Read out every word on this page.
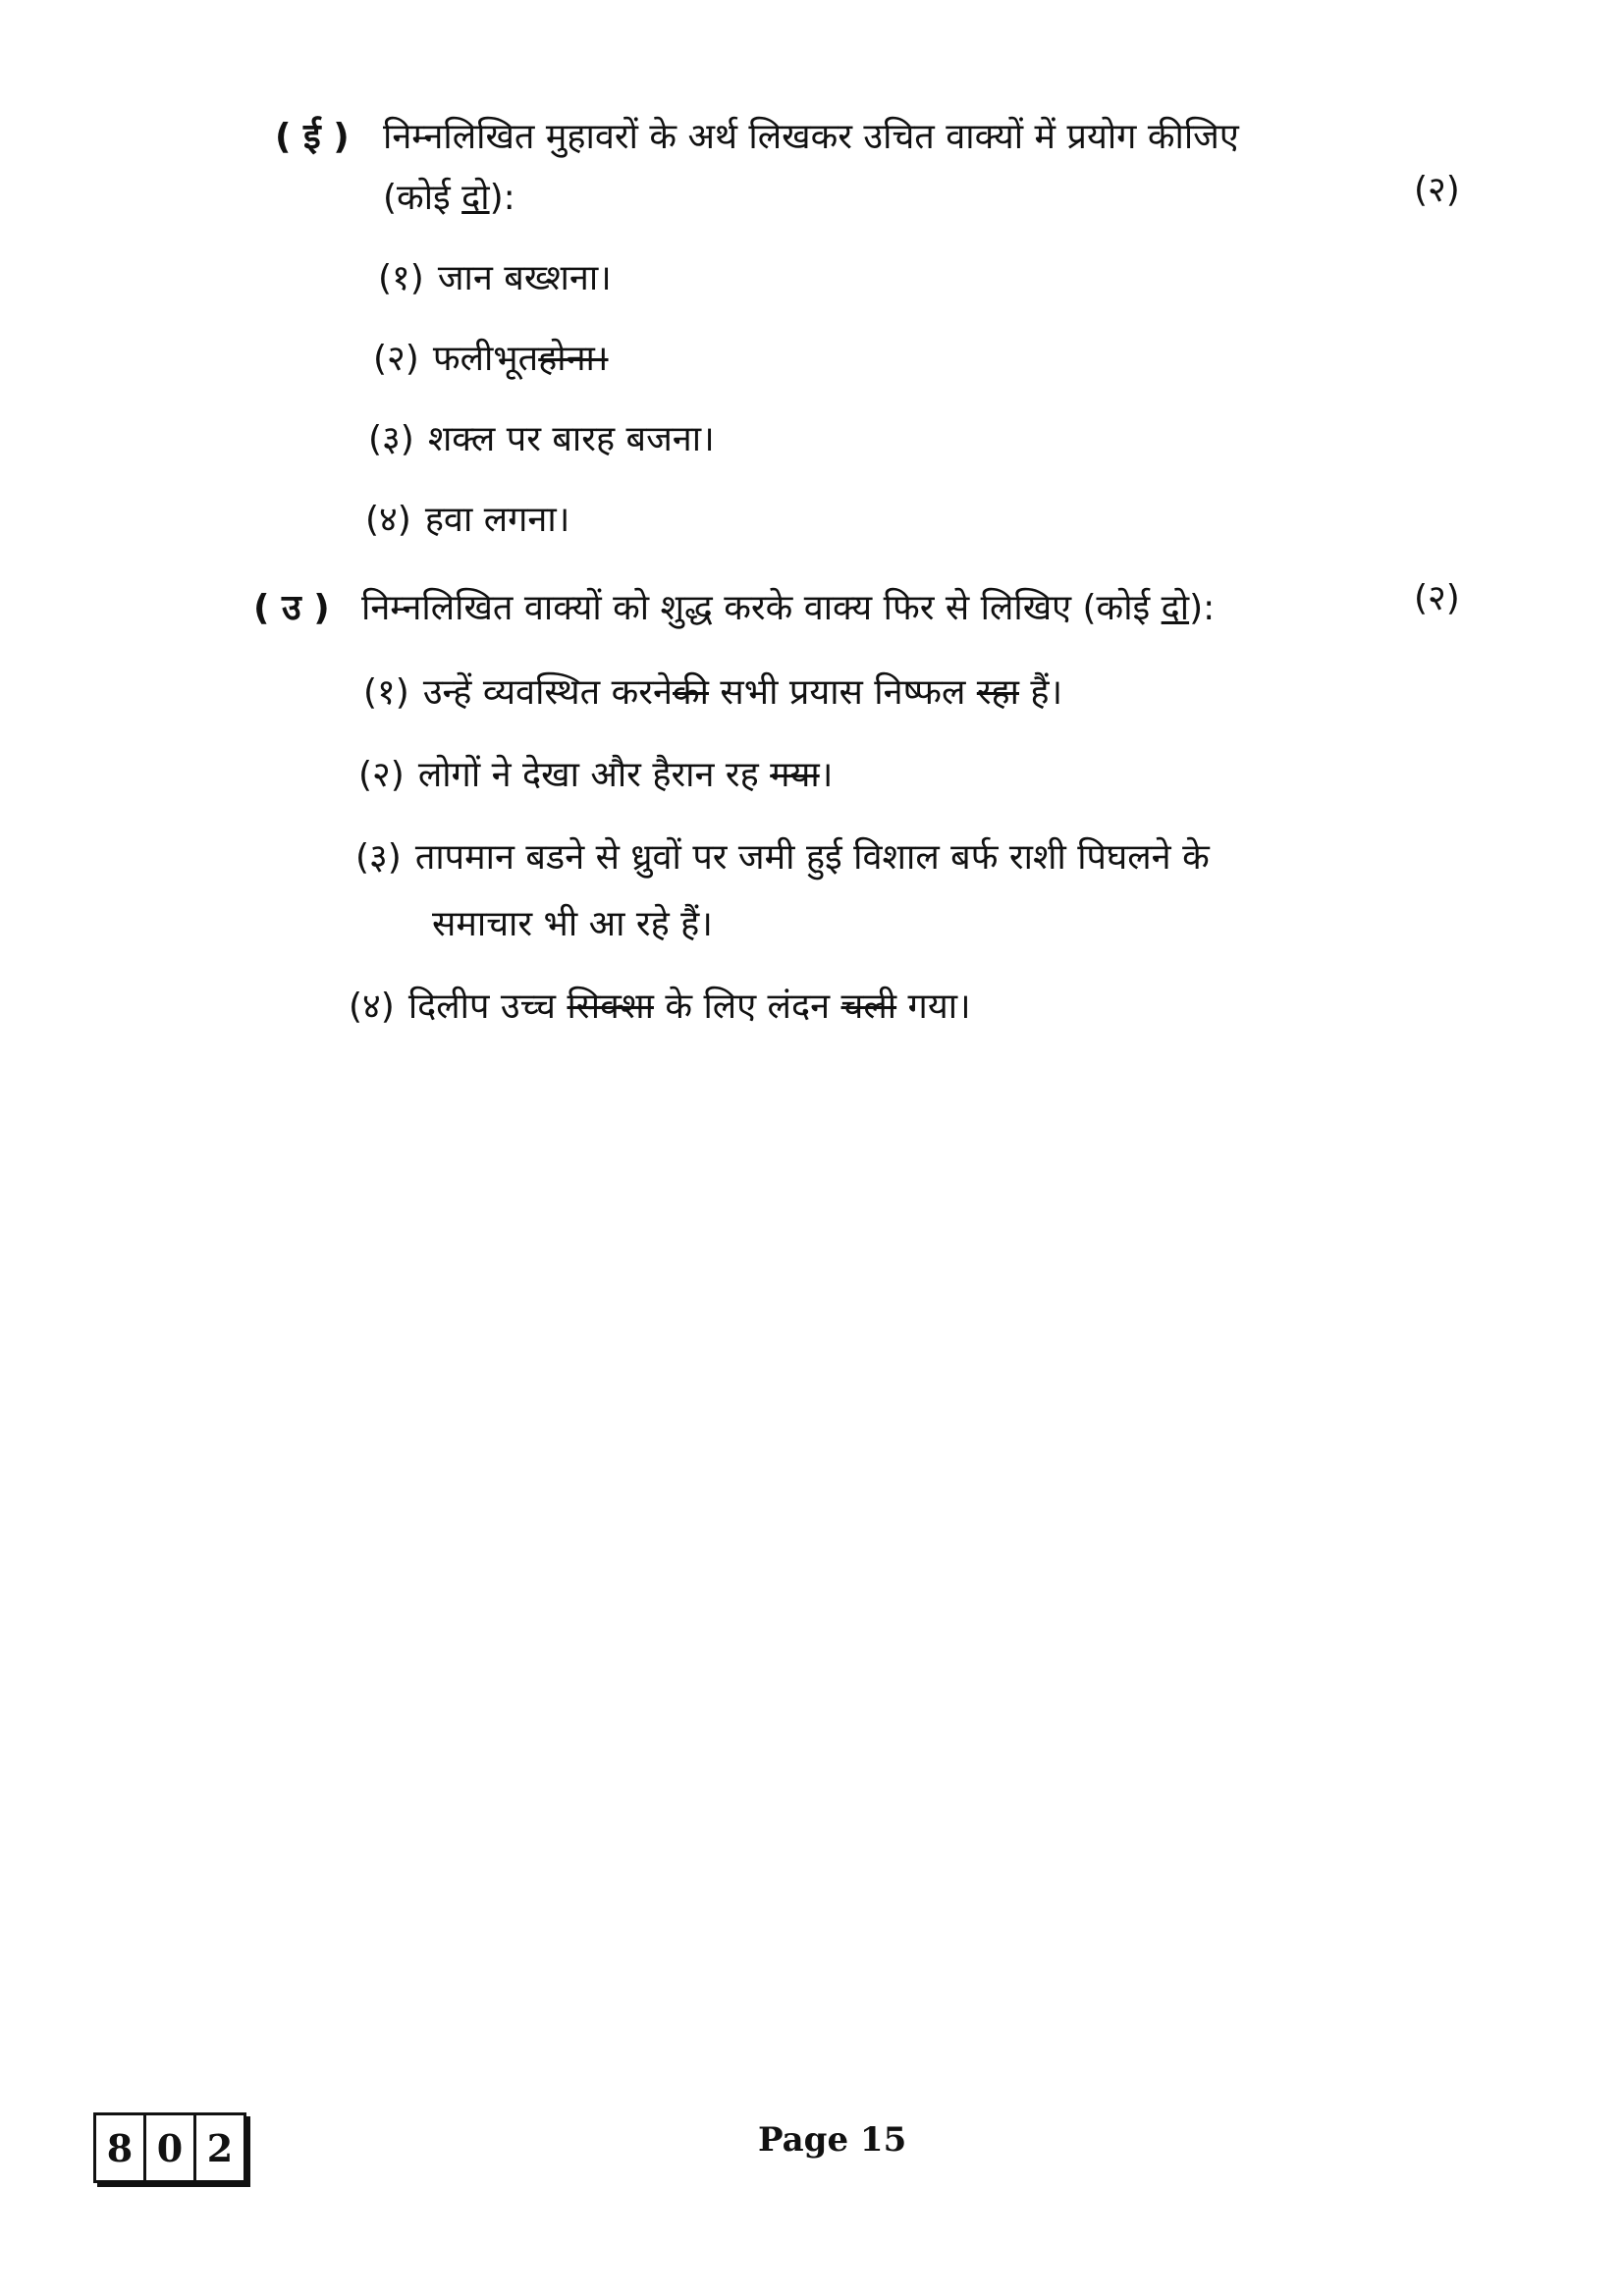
( ई ) निम्नलिखित मुहावरों के अर्थ लिखकर उचित वाक्यों में प्रयोग कीजिए
(कोई दो):	(२)
(१) जान बख्शना।
(२) फलीभूतहोना।
(३) शक्ल पर बारह बजना।
(४) हवा लगना।
( उ ) निम्नलिखित वाक्यों को शुद्ध करके वाक्य फिर से लिखिए (कोई दो):	(२)
(१) उन्हें व्यवस्थित करनेकी सभी प्रयास निष्फल रहा हैं।
(२) लोगों ने देखा और हैरान रह गया।
(३) तापमान बडने से ध्रुवों पर जमी हुई विशाल बर्फ राशी पिघलने के
समाचार भी आ रहे हैं।
(४) दिलीप उच्च सिक्शा के लिए लंदन चली गया।
8 0 2	Page 15
